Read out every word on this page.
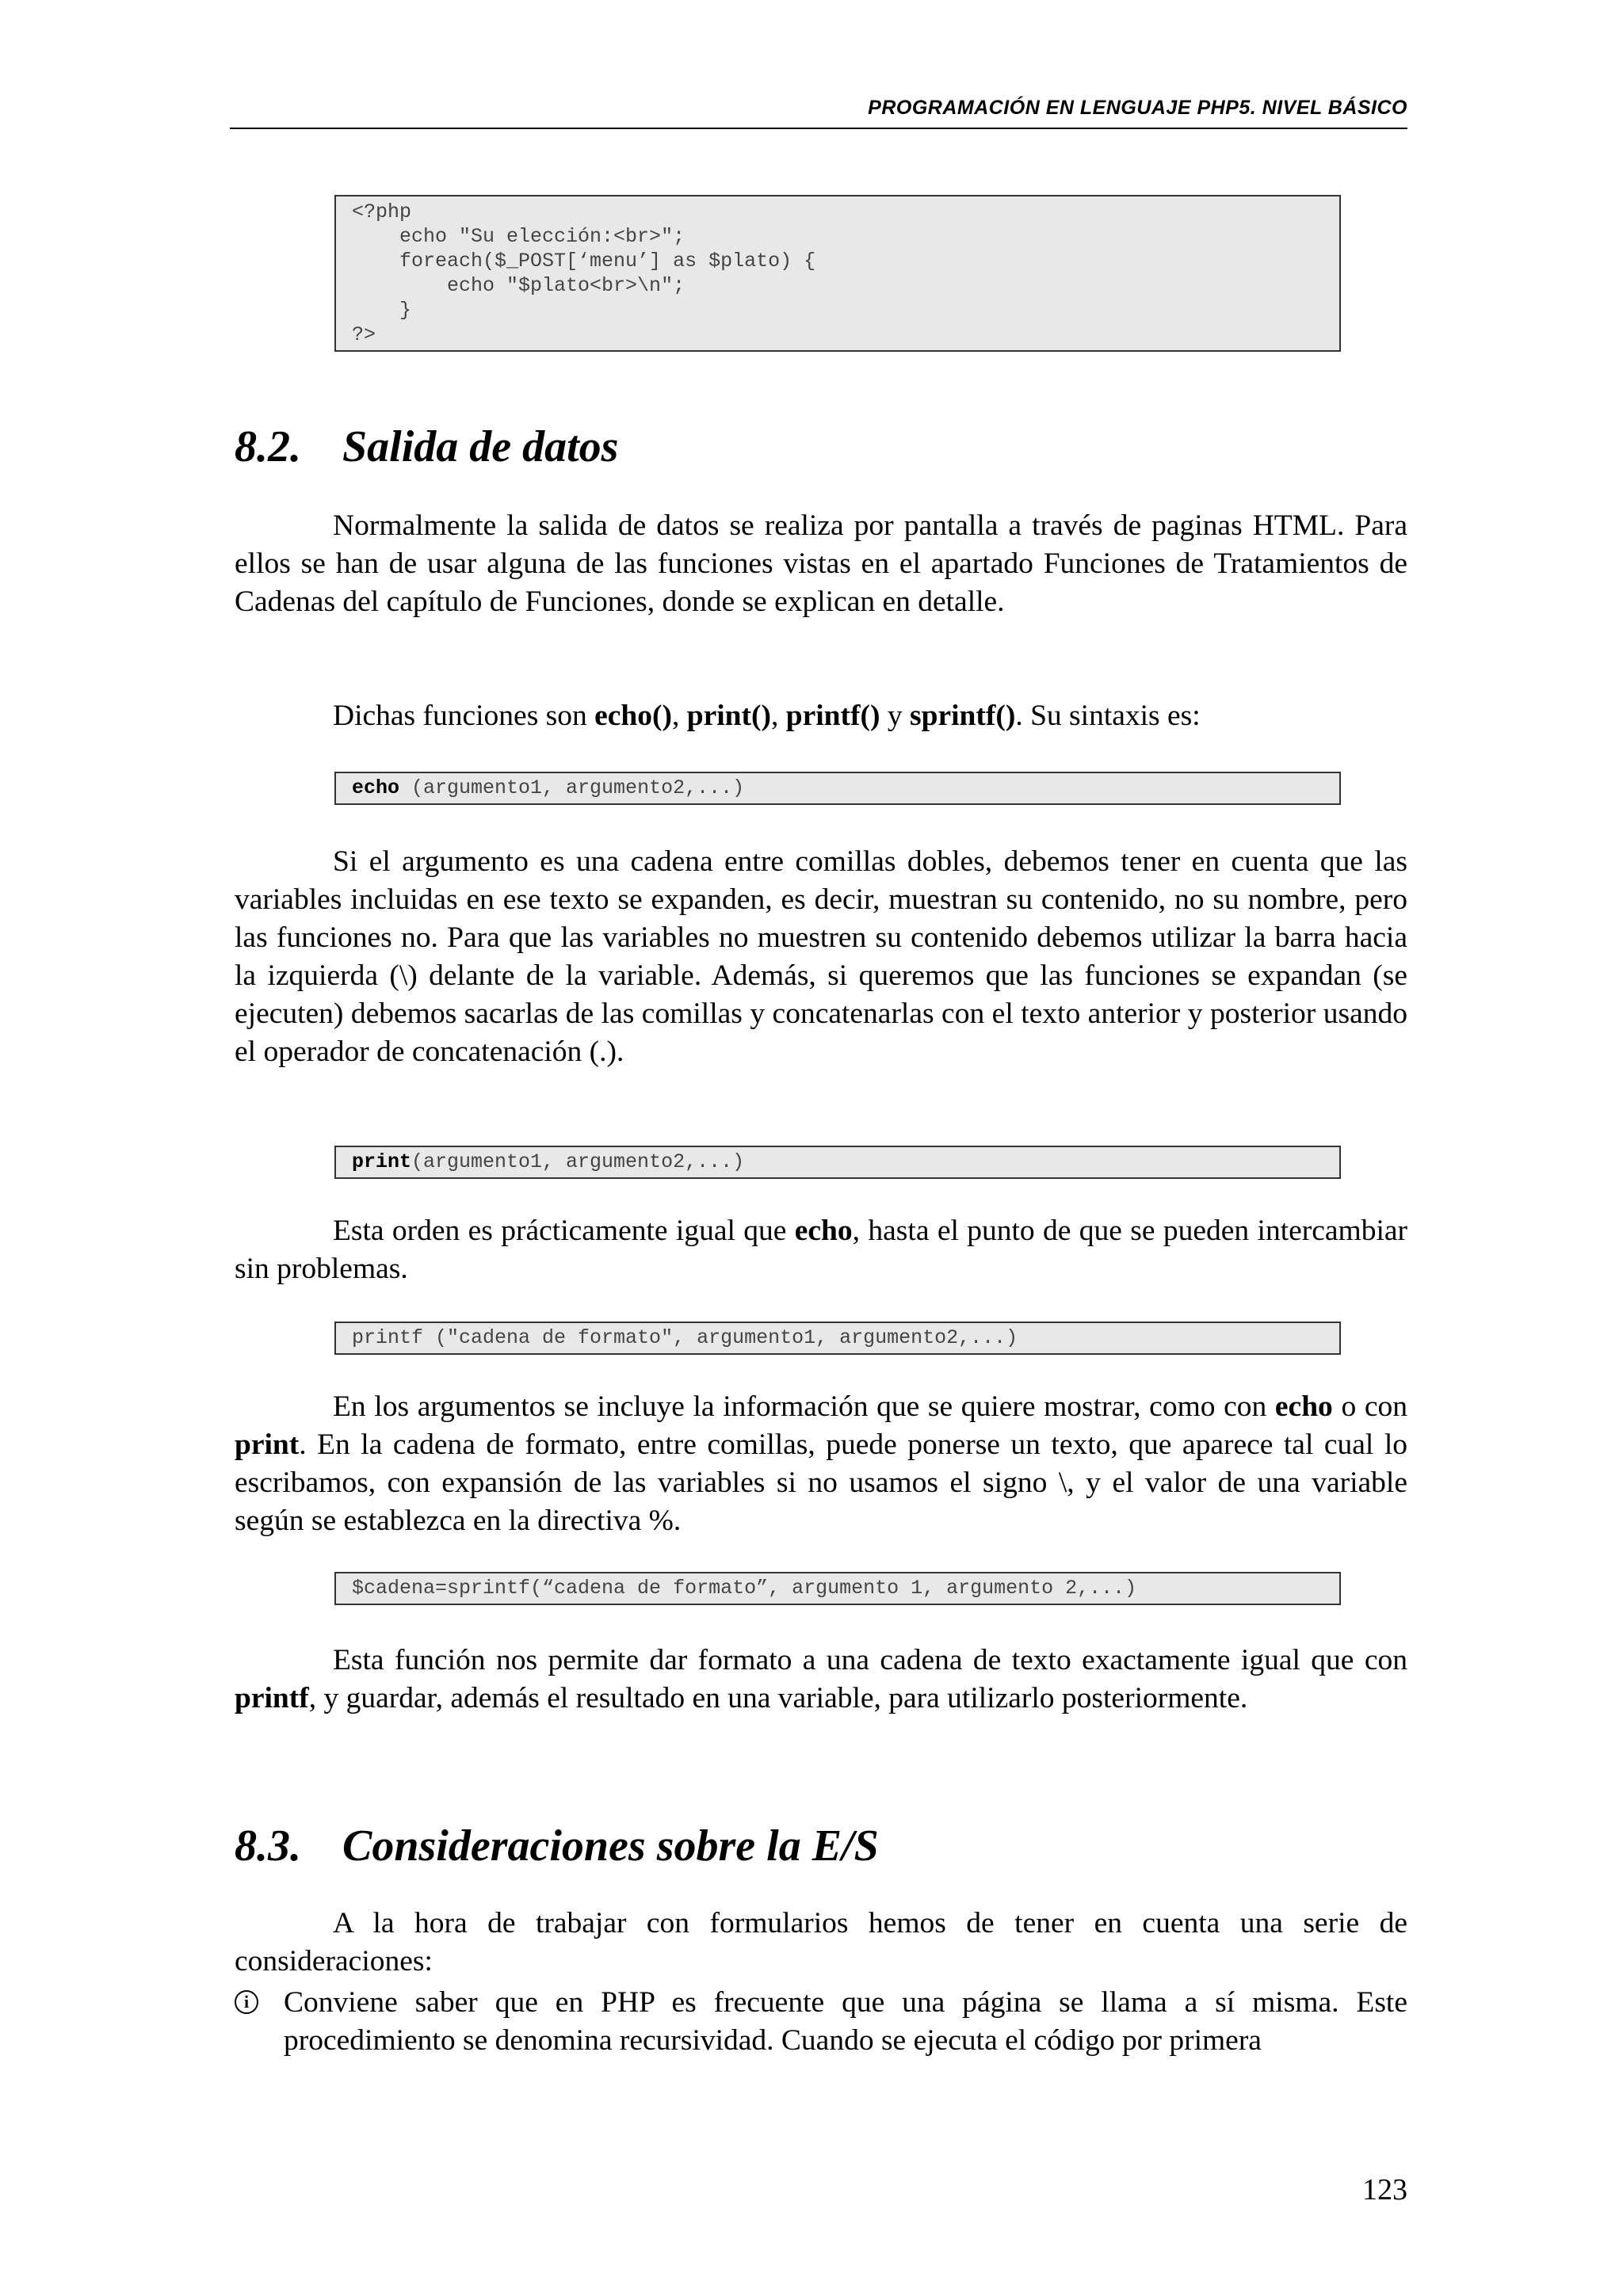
PROGRAMACIÓN EN LENGUAJE PHP5. NIVEL BÁSICO
<?php
echo "Su elección:<br>";
foreach($_POST[‘menu’] as $plato) {
echo "$plato<br>\n";
}
?>
8.2. Salida de datos
Normalmente la salida de datos se realiza por pantalla a través de paginas HTML. Para ellos se han de usar alguna de las funciones vistas en el apartado Funciones de Tratamientos de Cadenas del capítulo de Funciones, donde se explican en detalle.
Dichas funciones son echo(), print(), printf() y sprintf(). Su sintaxis es:
echo (argumento1, argumento2,...)
Si el argumento es una cadena entre comillas dobles, debemos tener en cuenta que las variables incluidas en ese texto se expanden, es decir, muestran su contenido, no su nombre, pero las funciones no. Para que las variables no muestren su contenido debemos utilizar la barra hacia la izquierda (\) delante de la variable. Además, si queremos que las funciones se expandan (se ejecuten) debemos sacarlas de las comillas y concatenarlas con el texto anterior y posterior usando el operador de concatenación (.).
print(argumento1, argumento2,...)
Esta orden es prácticamente igual que echo, hasta el punto de que se pueden intercambiar sin problemas.
printf ("cadena de formato", argumento1, argumento2,...)
En los argumentos se incluye la información que se quiere mostrar, como con echo o con print. En la cadena de formato, entre comillas, puede ponerse un texto, que aparece tal cual lo escribamos, con expansión de las variables si no usamos el signo \, y el valor de una variable según se establezca en la directiva %.
$cadena=sprintf(“cadena de formato”, argumento 1, argumento 2,...)
Esta función nos permite dar formato a una cadena de texto exactamente igual que con printf, y guardar, además el resultado en una variable, para utilizarlo posteriormente.
8.3. Consideraciones sobre la E/S
A la hora de trabajar con formularios hemos de tener en cuenta una serie de consideraciones:
i	Conviene saber que en PHP es frecuente que una página se llama a sí misma. Este procedimiento se denomina recursividad. Cuando se ejecuta el código por primera
123
